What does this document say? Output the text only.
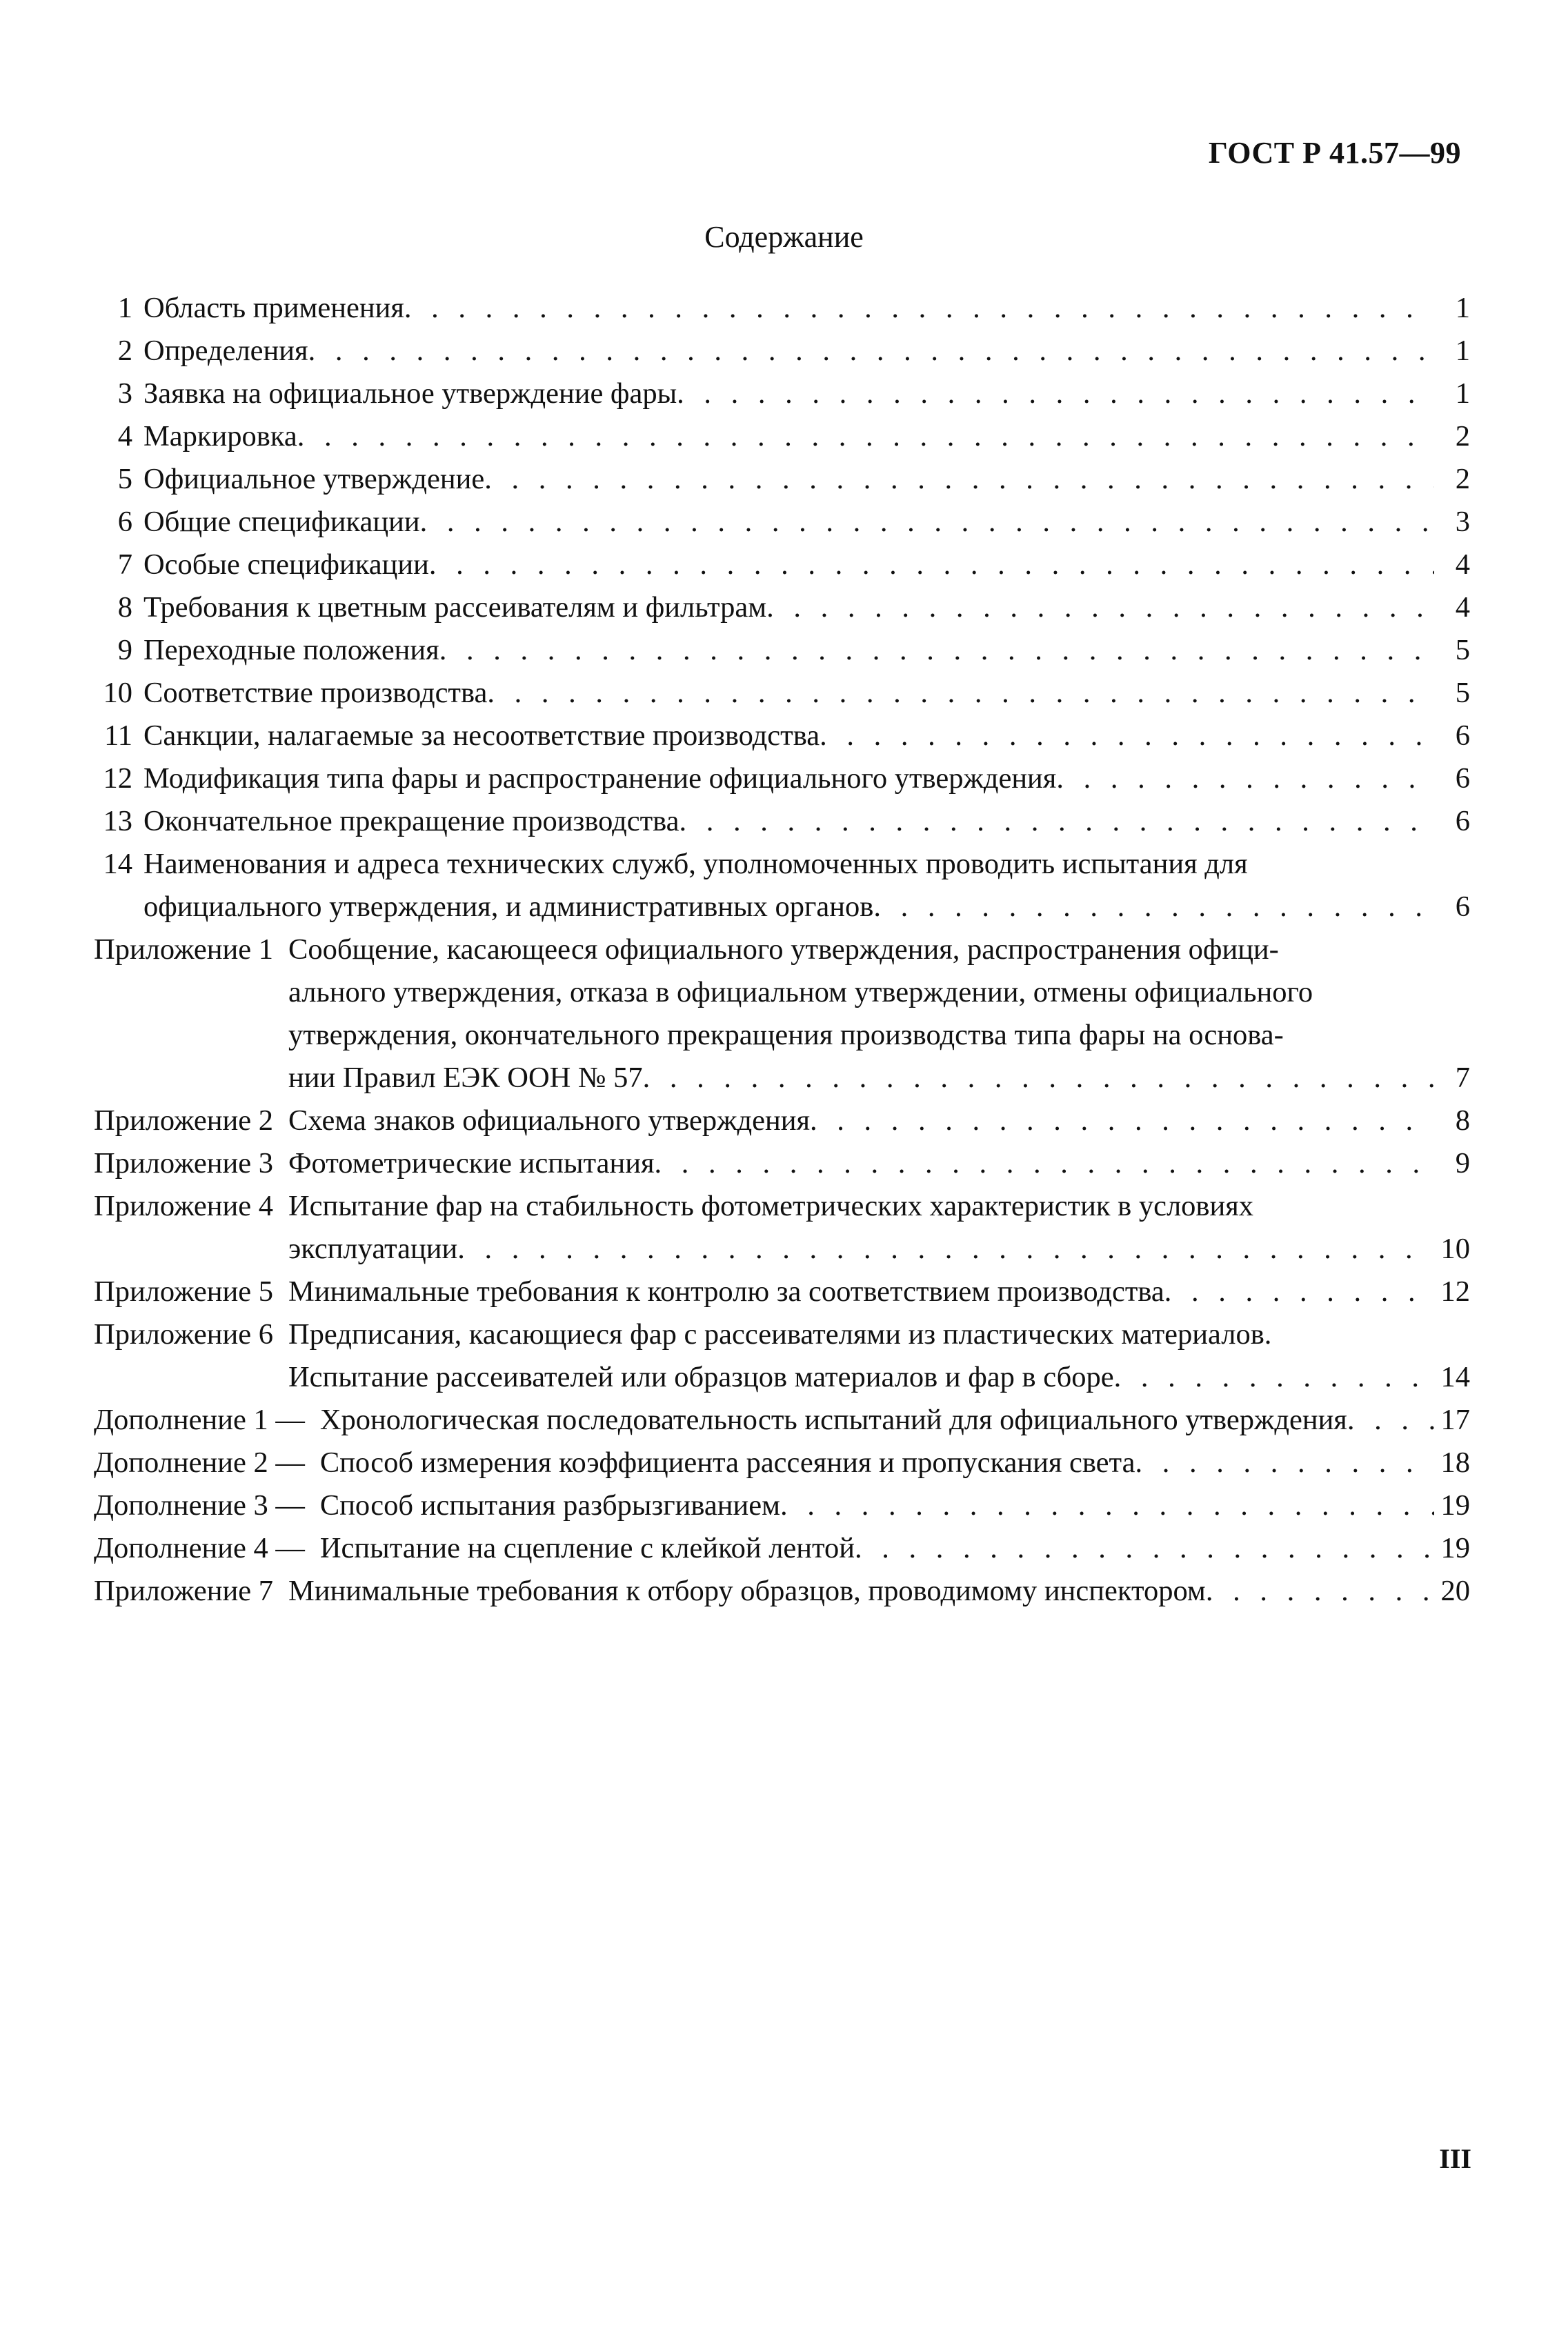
ГОСТ Р 41.57—99
Содержание
1 Область применения . . .	1
2 Определения . . .	1
3 Заявка на официальное утверждение фары . . .	1
4 Маркировка . . .	2
5 Официальное утверждение . . .	2
6 Общие спецификации . . .	3
7 Особые спецификации . . .	4
8 Требования к цветным рассеивателям и фильтрам . . .	4
9 Переходные положения . . .	5
10 Соответствие производства . . .	5
11 Санкции, налагаемые за несоответствие производства . . .	6
12 Модификация типа фары и распространение официального утверждения . . .	6
13 Окончательное прекращение производства . . .	6
14 Наименования и адреса технических служб, уполномоченных проводить испытания для
официального утверждения, и административных органов . . .	6
Приложение 1 Сообщение, касающееся официального утверждения, распространения офици-
ального утверждения, отказа в официальном утверждении, отмены официального
утверждения, окончательного прекращения производства типа фары на основа-
нии Правил ЕЭК ООН № 57 . . .	7
Приложение 2 Схема знаков официального утверждения . . .	8
Приложение 3 Фотометрические испытания . . .	9
Приложение 4 Испытание фар на стабильность фотометрических характеристик в условиях
эксплуатации . . .	10
Приложение 5 Минимальные требования к контролю за соответствием производства . . .	12
Приложение 6 Предписания, касающиеся фар с рассеивателями из пластических материалов.
Испытание рассеивателей или образцов материалов и фар в сборе . . .	14
Дополнение 1 — Хронологическая последовательность испытаний для официального утверждения . . .	17
Дополнение 2 — Способ измерения коэффициента рассеяния и пропускания света . . .	18
Дополнение 3 — Способ испытания разбрызгиванием . . .	19
Дополнение 4 — Испытание на сцепление с клейкой лентой . . .	19
Приложение 7 Минимальные требования к отбору образцов, проводимому инспектором . . .	20
III
